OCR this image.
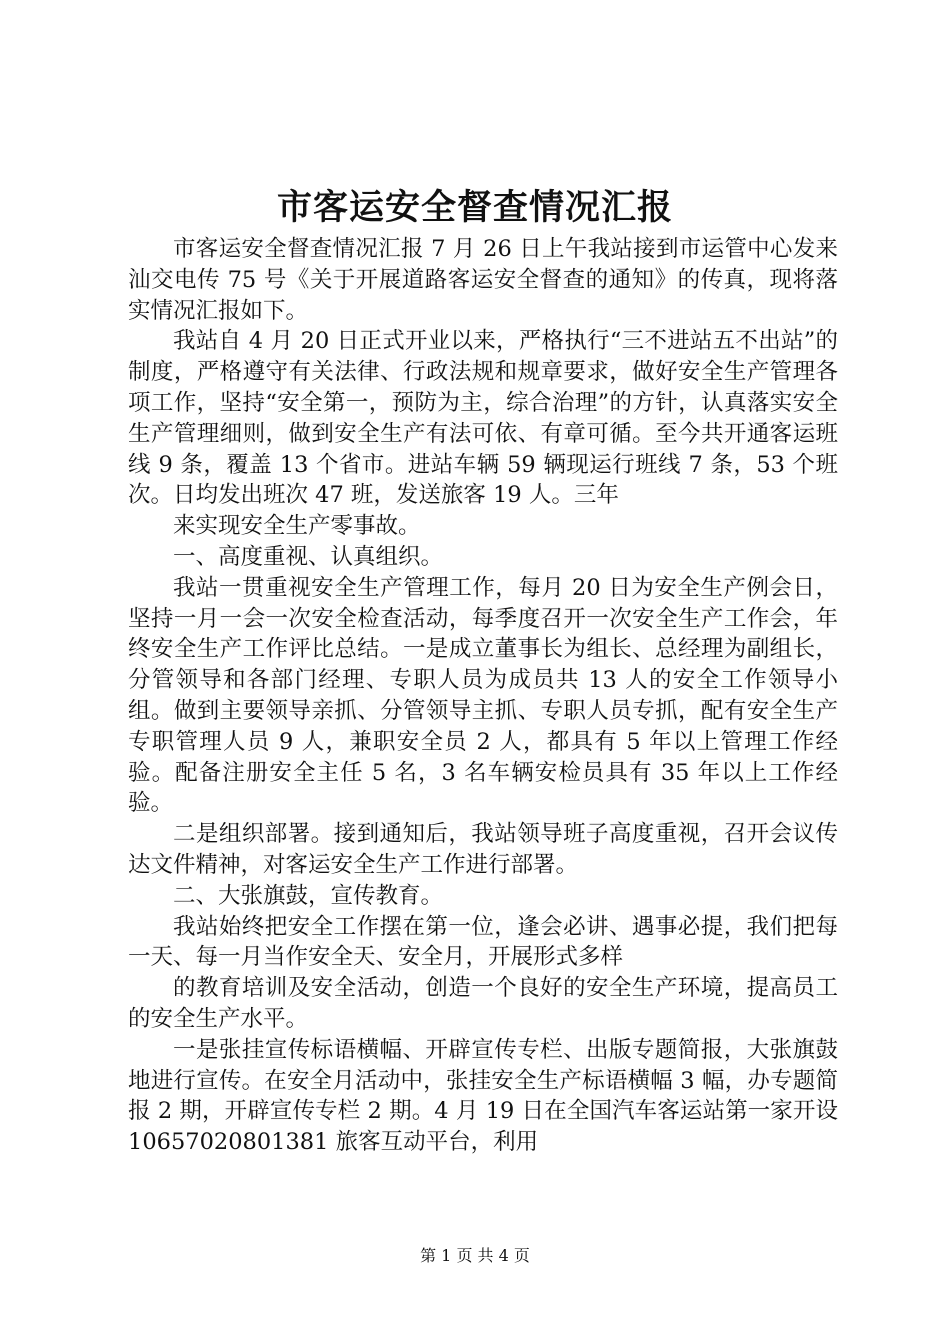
市客运安全督查情况汇报

市客运安全督查情况汇报 7 月 26 日上午我站接到市运管中心发来汕交电传 75 号《关于开展道路客运安全督查的通知》的传真，现将落实情况汇报如下。

我站自 4 月 20 日正式开业以来，严格执行“三不进站五不出站”的制度，严格遵守有关法律、行政法规和规章要求，做好安全生产管理各项工作，坚持“安全第一，预防为主，综合治理”的方针，认真落实安全生产管理细则，做到安全生产有法可依、有章可循。至今共开通客运班线 9 条，覆盖 13 个省市。进站车辆 59 辆现运行班线 7 条，53 个班次。日均发出班次 47 班，发送旅客 19 人。三年

来实现安全生产零事故。

一、高度重视、认真组织。

我站一贯重视安全生产管理工作，每月 20 日为安全生产例会日，坚持一月一会一次安全检查活动，每季度召开一次安全生产工作会，年终安全生产工作评比总结。一是成立董事长为组长、总经理为副组长，分管领导和各部门经理、专职人员为成员共 13 人的安全工作领导小组。做到主要领导亲抓、分管领导主抓、专职人员专抓，配有安全生产专职管理人员 9 人，兼职安全员 2 人，都具有 5 年以上管理工作经验。配备注册安全主任 5 名，3 名车辆安检员具有 35 年以上工作经验。

二是组织部署。接到通知后，我站领导班子高度重视，召开会议传达文件精神，对客运安全生产工作进行部署。

二、大张旗鼓，宣传教育。

我站始终把安全工作摆在第一位，逢会必讲、遇事必提，我们把每一天、每一月当作安全天、安全月，开展形式多样

的教育培训及安全活动，创造一个良好的安全生产环境，提高员工的安全生产水平。

一是张挂宣传标语横幅、开辟宣传专栏、出版专题简报，大张旗鼓地进行宣传。在安全月活动中，张挂安全生产标语横幅 3 幅，办专题简报 2 期，开辟宣传专栏 2 期。4 月 19 日在全国汽车客运站第一家开设 10657020801381 旅客互动平台，利用

第 1 页 共 4 页
